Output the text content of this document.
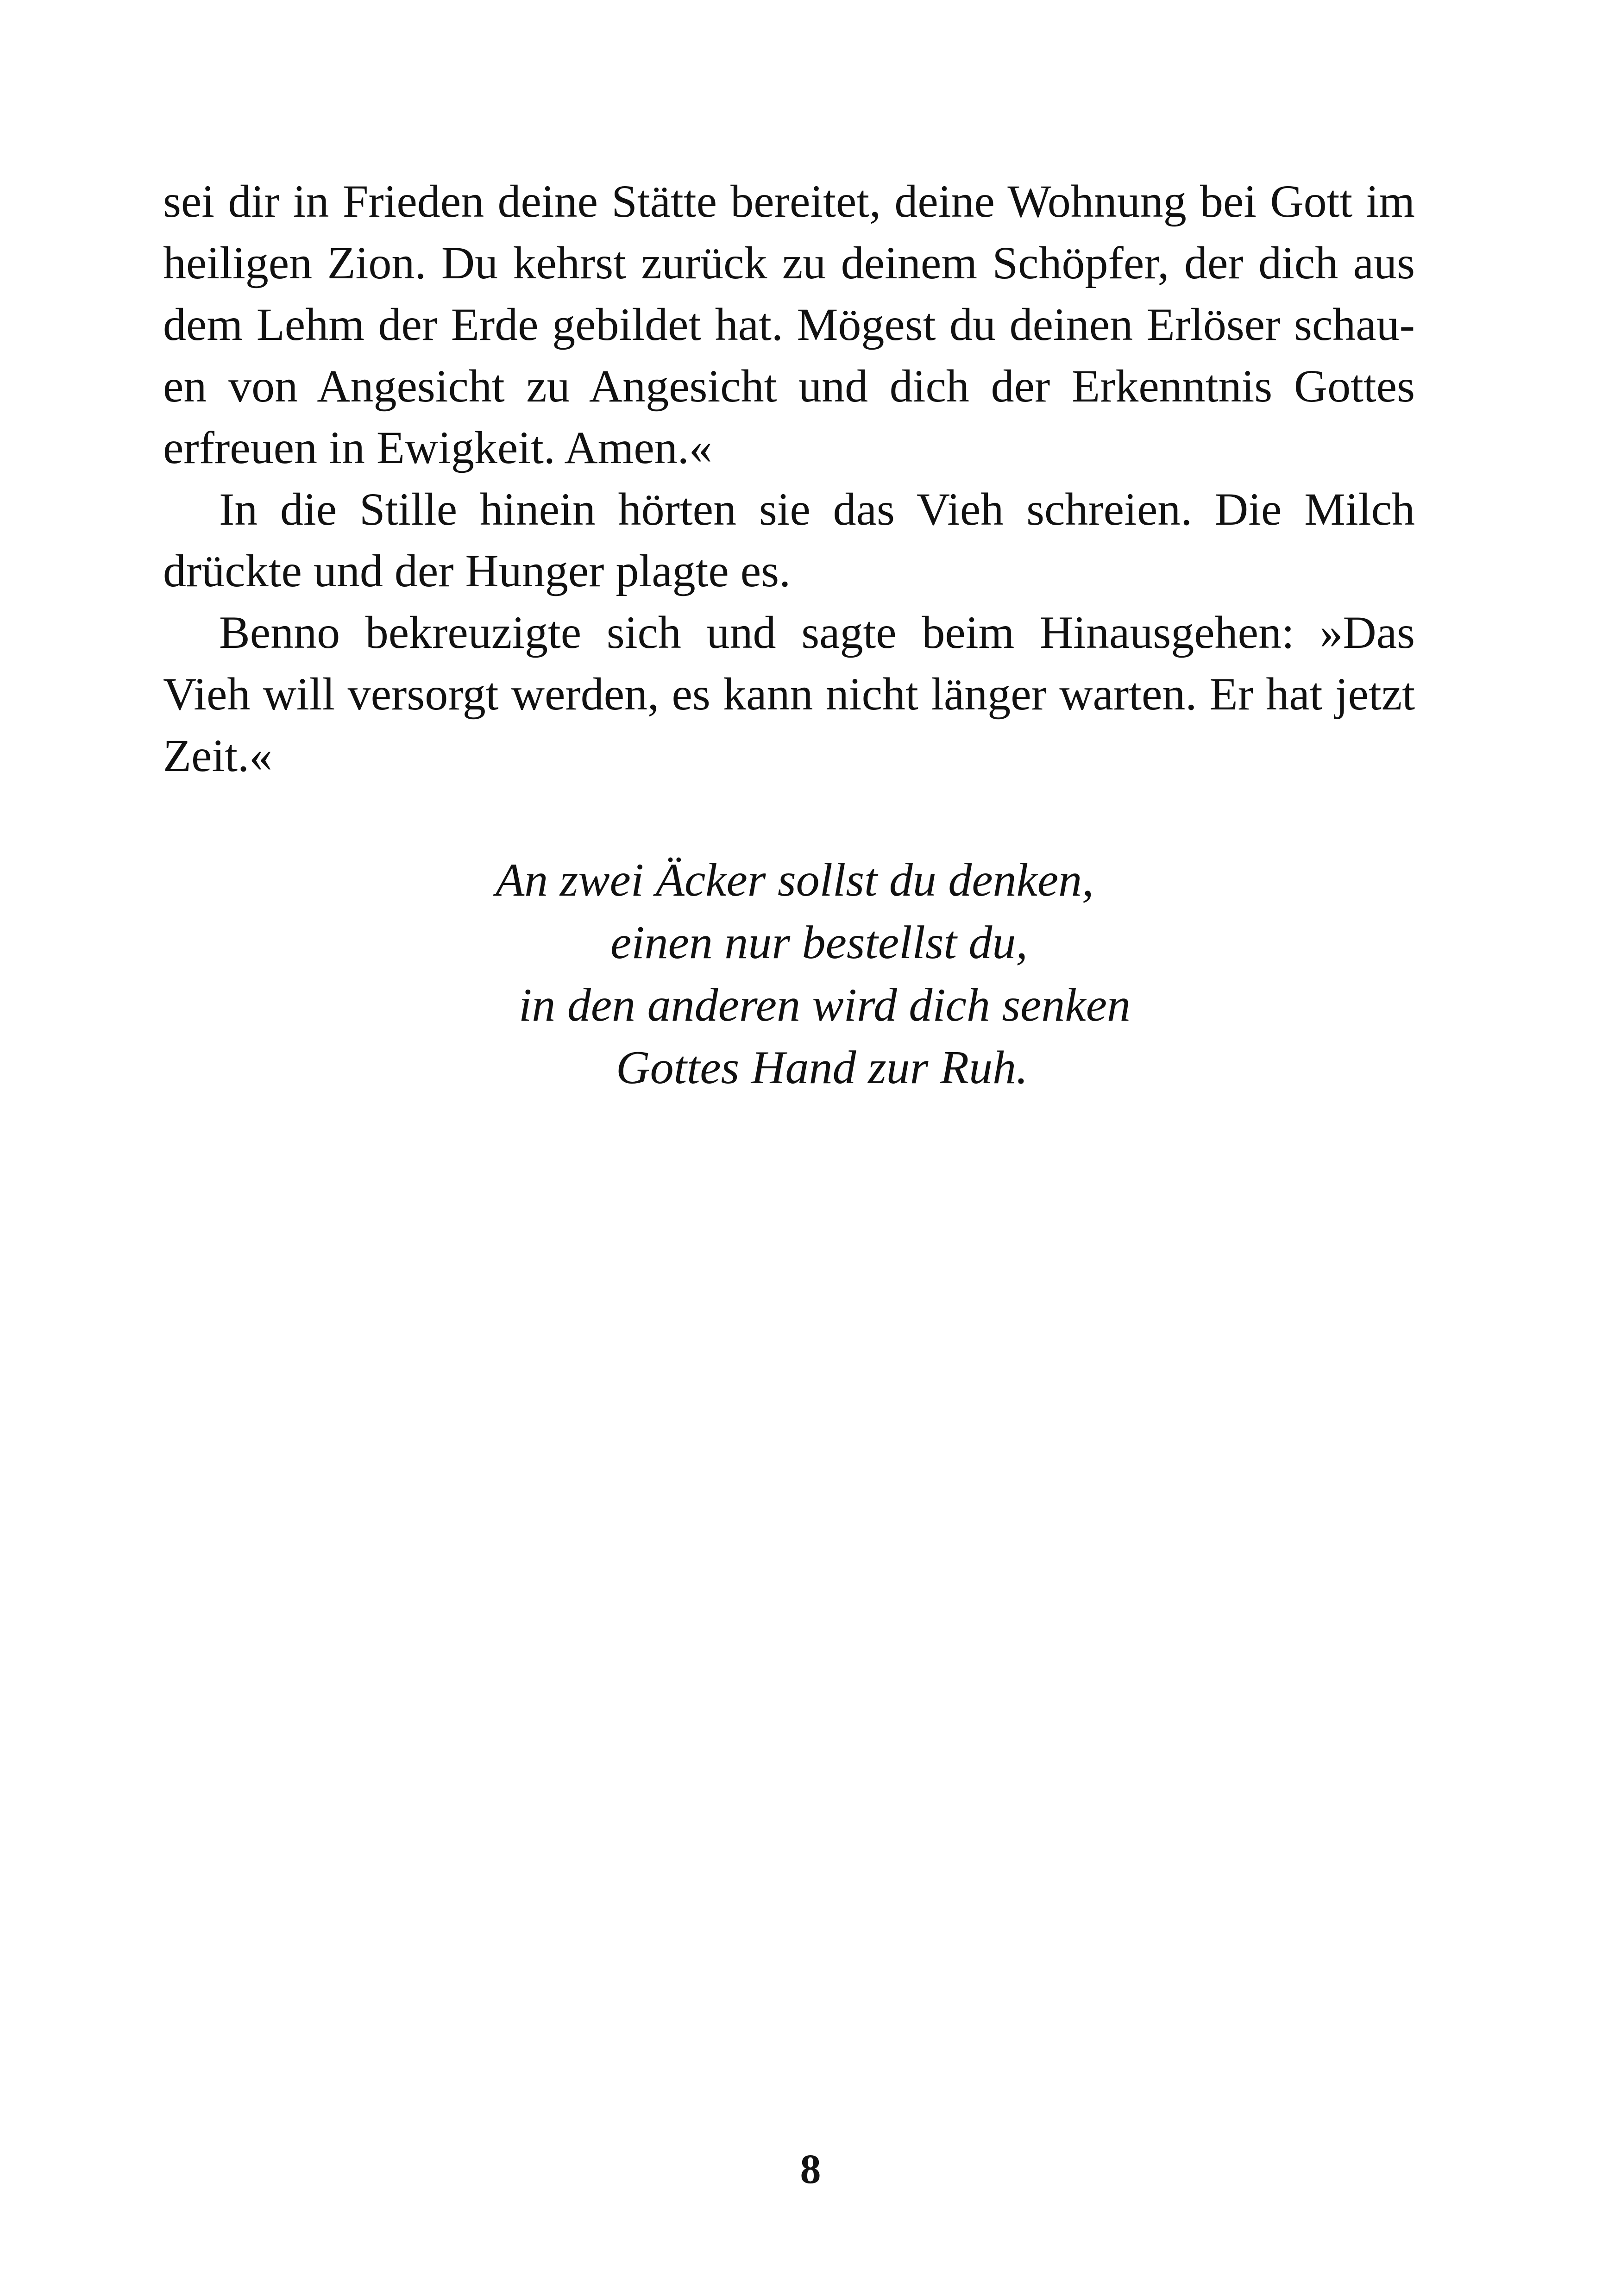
sei dir in Frieden deine Stätte bereitet, deine Wohnung bei Gott im
heiligen Zion. Du kehrst zurück zu deinem Schöpfer, der dich aus
dem Lehm der Erde gebildet hat. Mögest du deinen Erlöser schau-
en von Angesicht zu Angesicht und dich der Erkenntnis Gottes
erfreuen in Ewigkeit. Amen.«
In die Stille hinein hörten sie das Vieh schreien. Die Milch
drückte und der Hunger plagte es.
Benno bekreuzigte sich und sagte beim Hinausgehen: »Das
Vieh will versorgt werden, es kann nicht länger warten. Er hat jetzt
Zeit.«
An zwei Äcker sollst du denken,
einen nur bestellst du,
in den anderen wird dich senken
Gottes Hand zur Ruh.
8
